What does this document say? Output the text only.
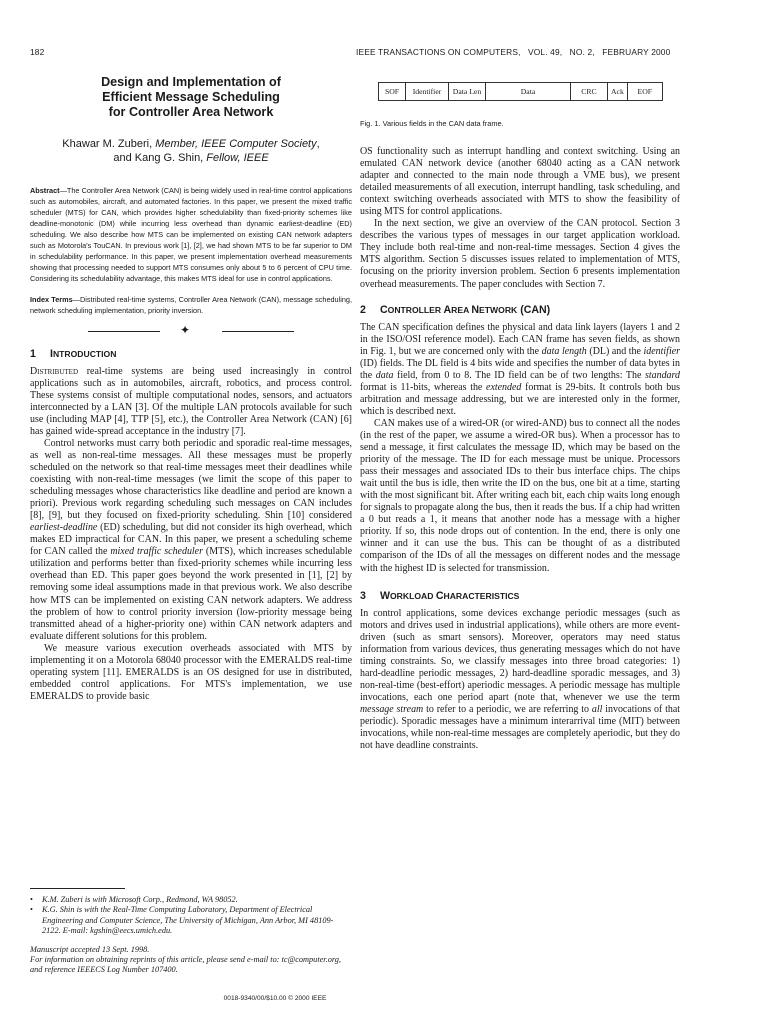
182	IEEE TRANSACTIONS ON COMPUTERS,   VOL. 49,   NO. 2,   FEBRUARY 2000
Design and Implementation of
Efficient Message Scheduling
for Controller Area Network
Khawar M. Zuberi, Member, IEEE Computer Society,
and Kang G. Shin, Fellow, IEEE
Abstract—The Controller Area Network (CAN) is being widely used in real-time control applications such as automobiles, aircraft, and automated factories. In this paper, we present the mixed traffic scheduler (MTS) for CAN, which provides higher schedulability than fixed-priority schemes like deadline-monotonic (DM) while incurring less overhead than dynamic earliest-deadline (ED) scheduling. We also describe how MTS can be implemented on existing CAN network adapters such as Motorola's TouCAN. In previous work [1], [2], we had shown MTS to be far superior to DM in schedulability performance. In this paper, we present implementation overhead measurements showing that processing needed to support MTS consumes only about 5 to 6 percent of CPU time. Considering its schedulability advantage, this makes MTS ideal for use in control applications.
Index Terms—Distributed real-time systems, Controller Area Network (CAN), message scheduling, network scheduling implementation, priority inversion.
✦
1 INTRODUCTION

Distributed real-time systems are being used increasingly in control applications such as in automobiles, aircraft, robotics, and process control. These systems consist of multiple computational nodes, sensors, and actuators interconnected by a LAN [3]. Of the multiple LAN protocols available for such use (including MAP [4], TTP [5], etc.), the Controller Area Network (CAN) [6] has gained wide-spread acceptance in the industry [7].

Control networks must carry both periodic and sporadic real-time messages, as well as non-real-time messages. All these messages must be properly scheduled on the network so that real-time messages meet their deadlines while coexisting with non-real-time messages (we limit the scope of this paper to scheduling messages whose characteristics like deadline and period are known a priori). Previous work regarding scheduling such messages on CAN includes [8], [9], but they focused on fixed-priority scheduling. Shin [10] considered earliest-deadline (ED) scheduling, but did not consider its high overhead, which makes ED impractical for CAN. In this paper, we present a scheduling scheme for CAN called the mixed traffic scheduler (MTS), which increases schedulable utilization and performs better than fixed-priority schemes while incurring less overhead than ED. This paper goes beyond the work presented in [1], [2] by removing some ideal assumptions made in that previous work. We also describe how MTS can be implemented on existing CAN network adapters. We address the problem of how to control priority inversion (low-priority message being transmitted ahead of a higher-priority one) within CAN network adapters and evaluate different solutions for this problem.

We measure various execution overheads associated with MTS by implementing it on a Motorola 68040 processor with the EMERALDS real-time operating system [11]. EMERALDS is an OS designed for use in distributed, embedded control applications. For MTS's implementation, we use EMERALDS to provide basic

• K.M. Zuberi is with Microsoft Corp., Redmond, WA 98052.
• K.G. Shin is with the Real-Time Computing Laboratory, Department of Electrical Engineering and Computer Science, The University of Michigan, Ann Arbor, MI 48109-2122. E-mail: kgshin@eecs.umich.edu.
Manuscript accepted 13 Sept. 1998.
For information on obtaining reprints of this article, please send e-mail to: tc@computer.org, and reference IEEECS Log Number 107400.
SOF	Identifier	Data Len	Data	CRC	Ack	EOF
Fig. 1. Various fields in the CAN data frame.

OS functionality such as interrupt handling and context switching. Using an emulated CAN network device (another 68040 acting as a CAN network adapter and connected to the main node through a VME bus), we present detailed measurements of all execution, interrupt handling, task scheduling, and context switching overheads associated with MTS to show the feasibility of using MTS for control applications.

In the next section, we give an overview of the CAN protocol. Section 3 describes the various types of messages in our target application workload. They include both real-time and non-real-time messages. Section 4 gives the MTS algorithm. Section 5 discusses issues related to implementation of MTS, focusing on the priority inversion problem. Section 6 presents implementation overhead measurements. The paper concludes with Section 7.

2 CONTROLLER AREA NETWORK (CAN)

The CAN specification defines the physical and data link layers (layers 1 and 2 in the ISO/OSI reference model). Each CAN frame has seven fields, as shown in Fig. 1, but we are concerned only with the data length (DL) and the identifier (ID) fields. The DL field is 4 bits wide and specifies the number of data bytes in the data field, from 0 to 8. The ID field can be of two lengths: The standard format is 11-bits, whereas the extended format is 29-bits. It controls both bus arbitration and message addressing, but we are interested only in the former, which is described next.

CAN makes use of a wired-OR (or wired-AND) bus to connect all the nodes (in the rest of the paper, we assume a wired-OR bus). When a processor has to send a message, it first calculates the message ID, which may be based on the priority of the message. The ID for each message must be unique. Processors pass their messages and associated IDs to their bus interface chips. The chips wait until the bus is idle, then write the ID on the bus, one bit at a time, starting with the most significant bit. After writing each bit, each chip waits long enough for signals to propagate along the bus, then it reads the bus. If a chip had written a 0 but reads a 1, it means that another node has a message with a higher priority. If so, this node drops out of contention. In the end, there is only one winner and it can use the bus. This can be thought of as a distributed comparison of the IDs of all the messages on different nodes and the message with the highest ID is selected for transmission.

3 WORKLOAD CHARACTERISTICS

In control applications, some devices exchange periodic messages (such as motors and drives used in industrial applications), while others are more event-driven (such as smart sensors). Moreover, operators may need status information from various devices, thus generating messages which do not have timing constraints. So, we classify messages into three broad categories: 1) hard-deadline periodic messages, 2) hard-deadline sporadic messages, and 3) non-real-time (best-effort) aperiodic messages. A periodic message has multiple invocations, each one period apart (note that, whenever we use the term message stream to refer to a periodic, we are referring to all invocations of that periodic). Sporadic messages have a minimum interarrival time (MIT) between invocations, while non-real-time messages are completely aperiodic, but they do not have deadline constraints.

0018-9340/00/$10.00 © 2000 IEEE
